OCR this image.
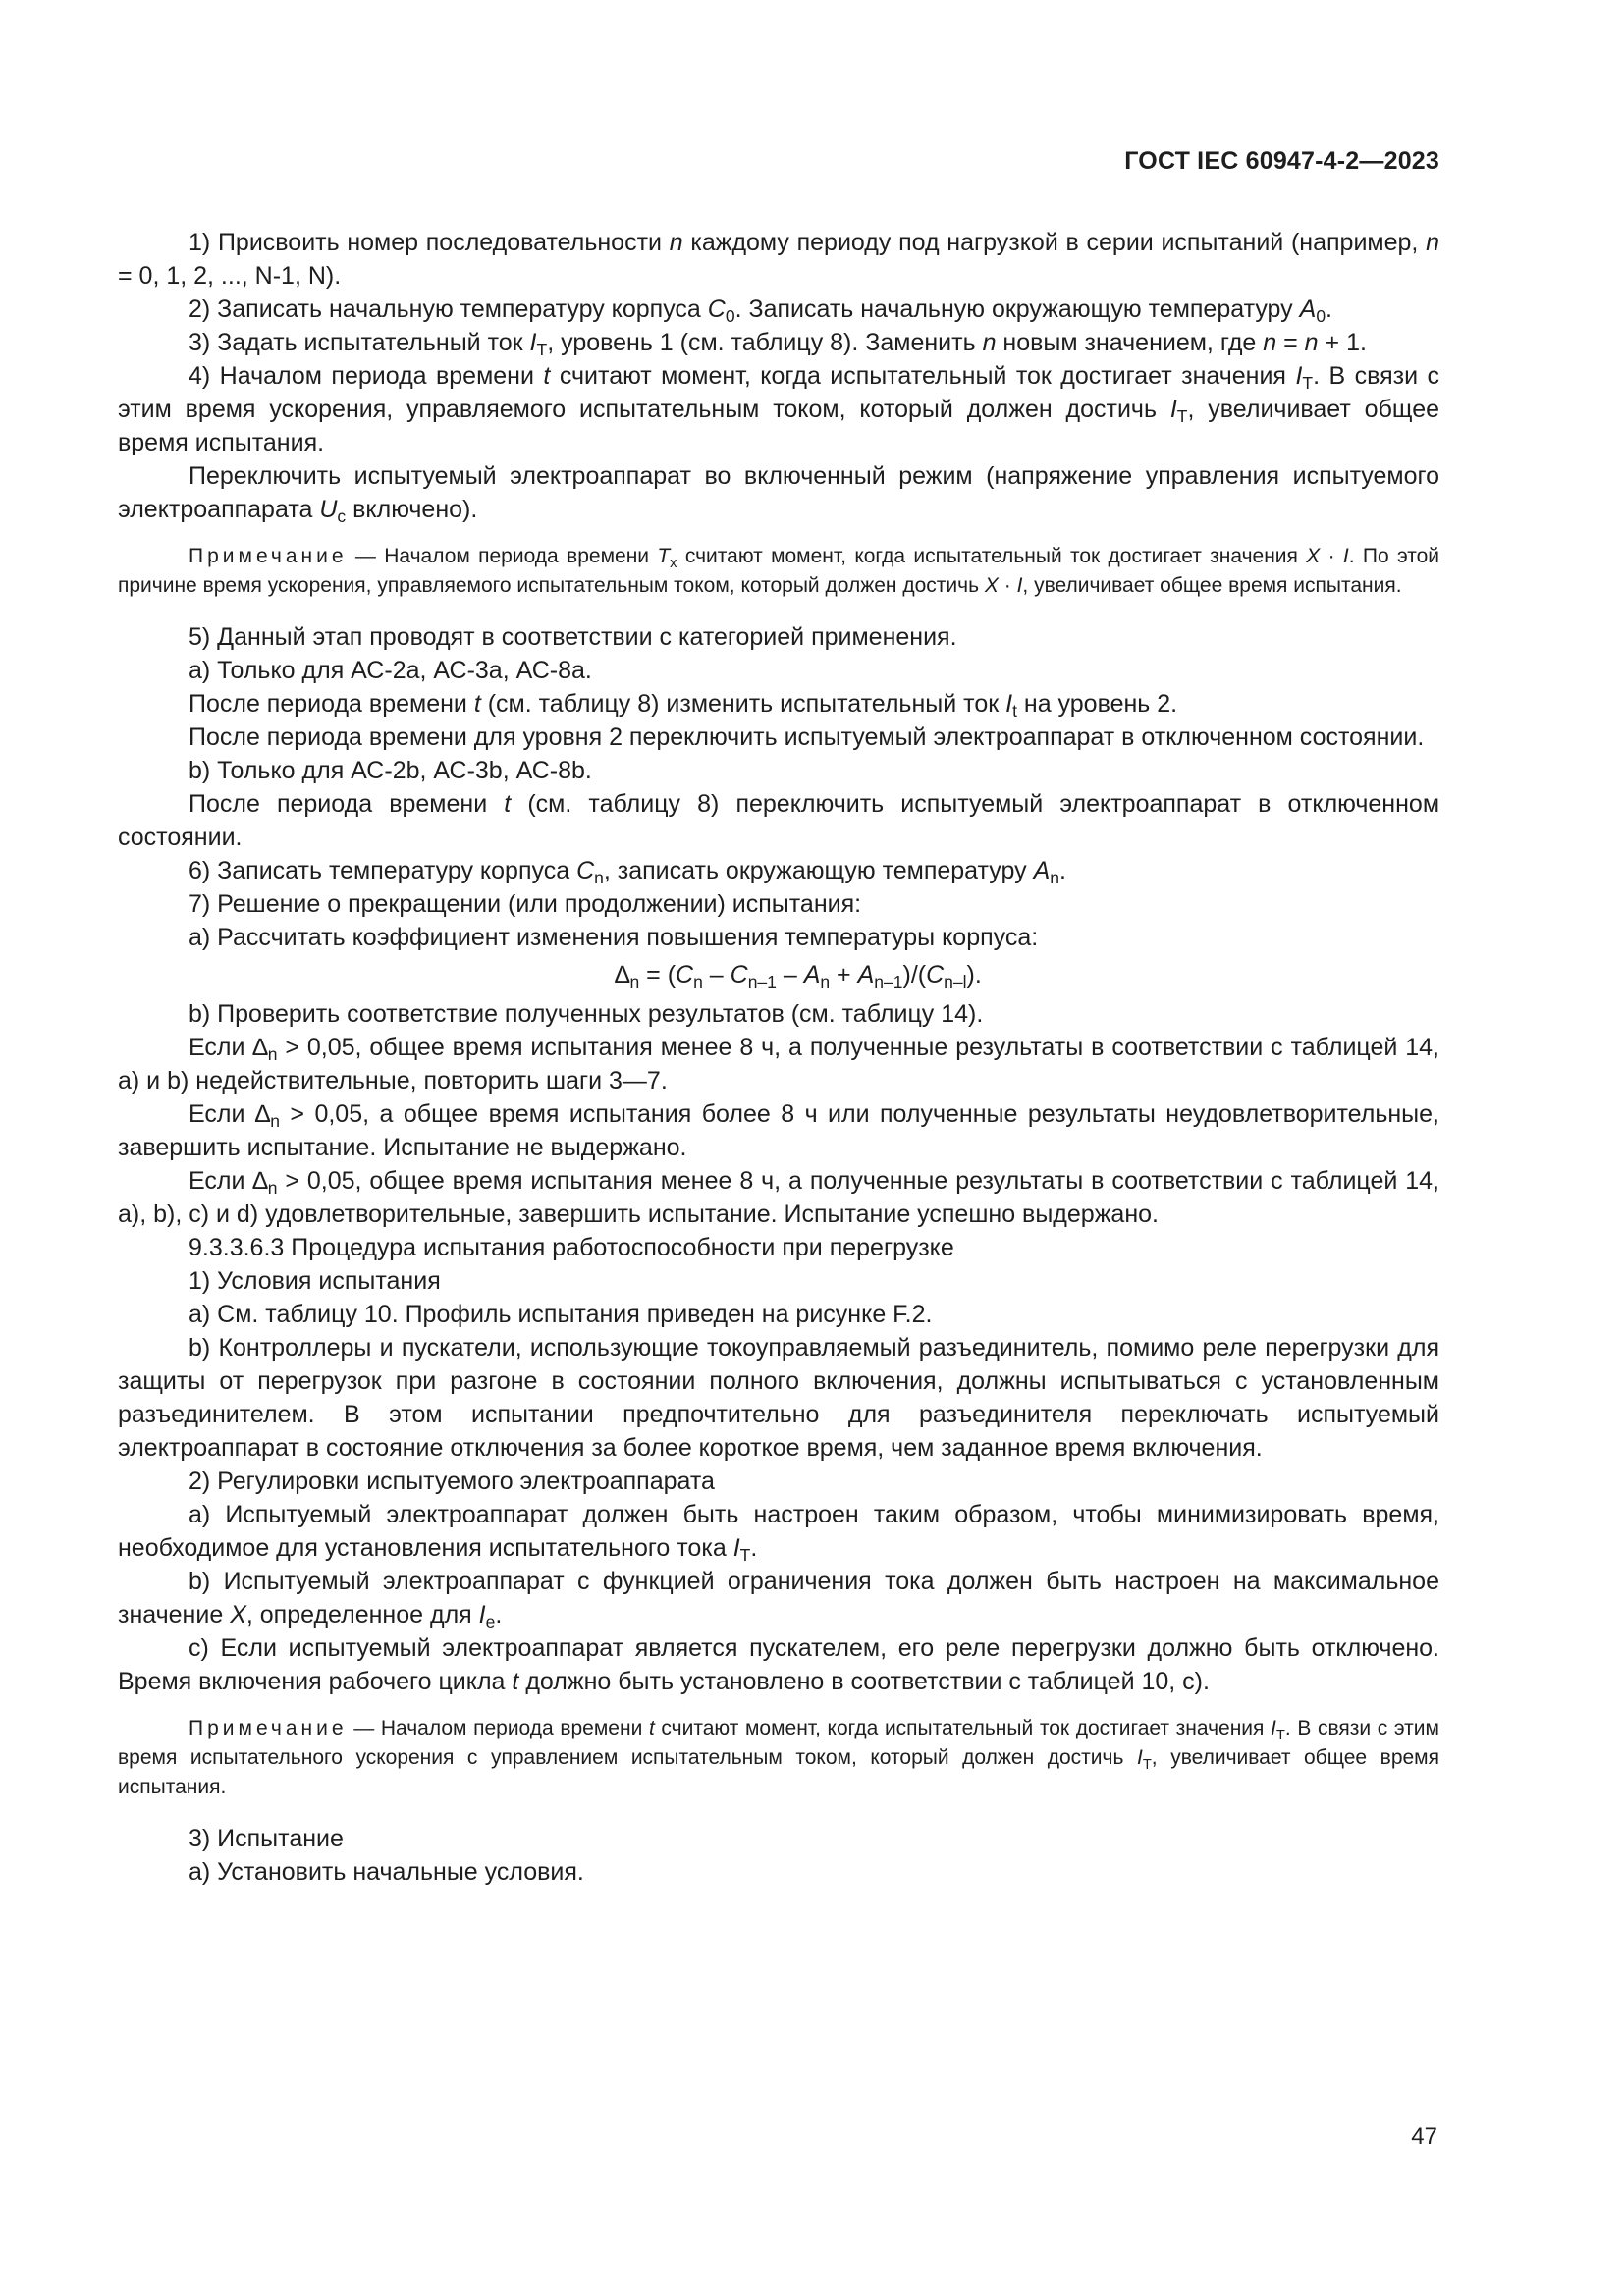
ГОСТ IEC 60947-4-2—2023

1) Присвоить номер последовательности n каждому периоду под нагрузкой в серии испытаний (например, n = 0, 1, 2, ..., N-1, N).

2) Записать начальную температуру корпуса $C_0$. Записать начальную окружающую температуру $A_0$.

3) Задать испытательный ток $I_T$, уровень 1 (см. таблицу 8). Заменить n новым значением, где n = n + 1.

4) Началом периода времени t считают момент, когда испытательный ток достигает значения $I_T$. В связи с этим время ускорения, управляемого испытательным током, который должен достичь $I_T$, увеличивает общее время испытания.

Переключить испытуемый электроаппарат во включенный режим (напряжение управления испытуемого электроаппарата $U_c$ включено).

Примечание — Началом периода времени $T_x$ считают момент, когда испытательный ток достигает значения X · I. По этой причине время ускорения, управляемого испытательным током, который должен достичь X · I, увеличивает общее время испытания.

5) Данный этап проводят в соответствии с категорией применения.

a) Только для АС-2а, АС-3а, АС-8а.

После периода времени t (см. таблицу 8) изменить испытательный ток $I_t$ на уровень 2.

После периода времени для уровня 2 переключить испытуемый электроаппарат в отключенном состоянии.

b) Только для АС-2b, АС-3b, АС-8b.

После периода времени t (см. таблицу 8) переключить испытуемый электроаппарат в отключенном состоянии.

6) Записать температуру корпуса $C_n$, записать окружающую температуру $A_n$.

7) Решение о прекращении (или продолжении) испытания:

a) Рассчитать коэффициент изменения повышения температуры корпуса:

$\Delta_n = (C_n - C_{n-1} - A_n + A_{n-1})/(C_{n-l})$.

b) Проверить соответствие полученных результатов (см. таблицу 14).

Если $\Delta_n > 0,05$, общее время испытания менее 8 ч, а полученные результаты в соответствии с таблицей 14, a) и b) недействительные, повторить шаги 3—7.

Если $\Delta_n > 0,05$, а общее время испытания более 8 ч или полученные результаты неудовлетворительные, завершить испытание. Испытание не выдержано.

Если $\Delta_n > 0,05$, общее время испытания менее 8 ч, а полученные результаты в соответствии с таблицей 14, a), b), c) и d) удовлетворительные, завершить испытание. Испытание успешно выдержано.

9.3.3.6.3 Процедура испытания работоспособности при перегрузке

1) Условия испытания

a) См. таблицу 10. Профиль испытания приведен на рисунке F.2.

b) Контроллеры и пускатели, использующие токоуправляемый разъединитель, помимо реле перегрузки для защиты от перегрузок при разгоне в состоянии полного включения, должны испытываться с установленным разъединителем. В этом испытании предпочтительно для разъединителя переключать испытуемый электроаппарат в состояние отключения за более короткое время, чем заданное время включения.

2) Регулировки испытуемого электроаппарата

a) Испытуемый электроаппарат должен быть настроен таким образом, чтобы минимизировать время, необходимое для установления испытательного тока $I_T$.

b) Испытуемый электроаппарат с функцией ограничения тока должен быть настроен на максимальное значение X, определенное для $I_e$.

c) Если испытуемый электроаппарат является пускателем, его реле перегрузки должно быть отключено. Время включения рабочего цикла t должно быть установлено в соответствии с таблицей 10, с).

Примечание — Началом периода времени t считают момент, когда испытательный ток достигает значения $I_T$. В связи с этим время испытательного ускорения с управлением испытательным током, который должен достичь $I_T$, увеличивает общее время испытания.

3) Испытание

a) Установить начальные условия.

47
